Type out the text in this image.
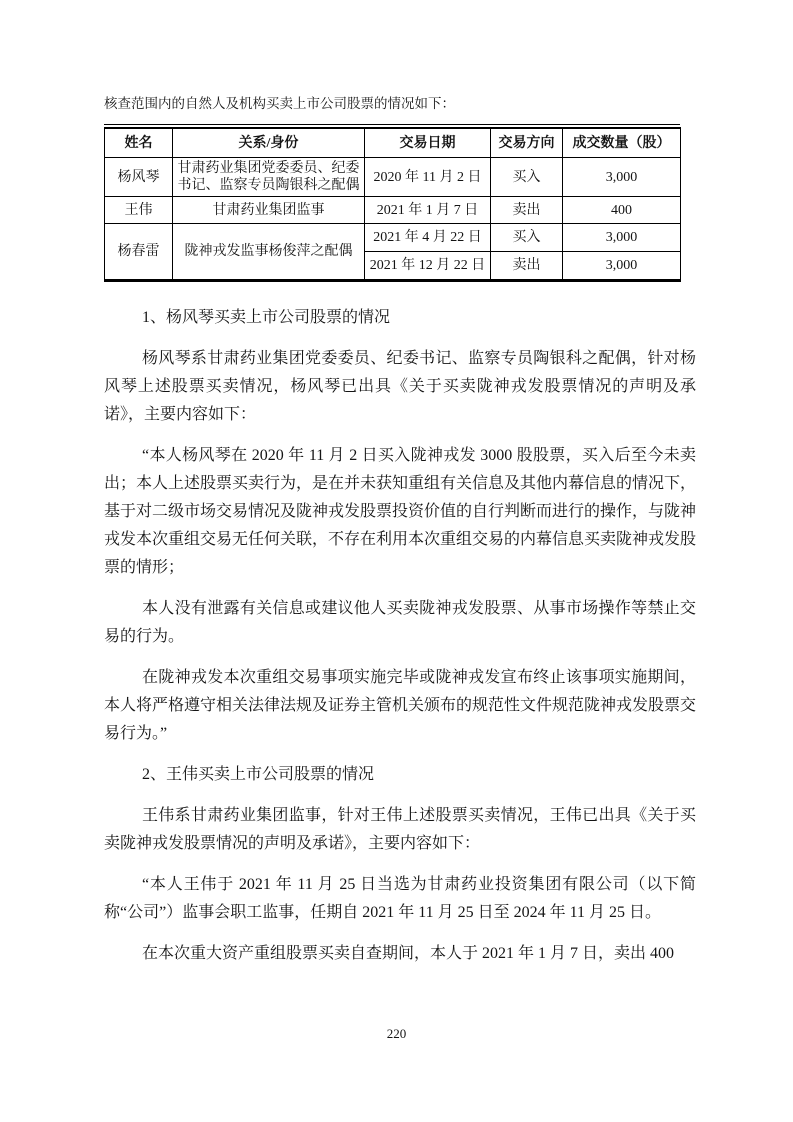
核查范围内的自然人及机构买卖上市公司股票的情况如下：

姓名	关系/身份	交易日期	交易方向	成交数量（股）
杨风琴	甘肃药业集团党委委员、纪委书记、监察专员陶银科之配偶	2020 年 11 月 2 日	买入	3,000
王伟	甘肃药业集团监事	2021 年 1 月 7 日	卖出	400
杨春雷	陇神戎发监事杨俊萍之配偶	2021 年 4 月 22 日	买入	3,000
		2021 年 12 月 22 日	卖出	3,000
1、杨风琴买卖上市公司股票的情况

杨风琴系甘肃药业集团党委委员、纪委书记、监察专员陶银科之配偶，针对杨风琴上述股票买卖情况，杨风琴已出具《关于买卖陇神戎发股票情况的声明及承诺》，主要内容如下：

“本人杨风琴在 2020 年 11 月 2 日买入陇神戎发 3000 股股票，买入后至今未卖出；本人上述股票买卖行为，是在并未获知重组有关信息及其他内幕信息的情况下，基于对二级市场交易情况及陇神戎发股票投资价值的自行判断而进行的操作，与陇神戎发本次重组交易无任何关联，不存在利用本次重组交易的内幕信息买卖陇神戎发股票的情形；

本人没有泄露有关信息或建议他人买卖陇神戎发股票、从事市场操作等禁止交易的行为。

在陇神戎发本次重组交易事项实施完毕或陇神戎发宣布终止该事项实施期间，本人将严格遵守相关法律法规及证券主管机关颁布的规范性文件规范陇神戎发股票交易行为。”

2、王伟买卖上市公司股票的情况

王伟系甘肃药业集团监事，针对王伟上述股票买卖情况，王伟已出具《关于买卖陇神戎发股票情况的声明及承诺》，主要内容如下：

“本人王伟于 2021 年 11 月 25 日当选为甘肃药业投资集团有限公司（以下简称“公司”）监事会职工监事，任期自 2021 年 11 月 25 日至 2024 年 11 月 25 日。

在本次重大资产重组股票买卖自查期间，本人于 2021 年 1 月 7 日，卖出 400

220
